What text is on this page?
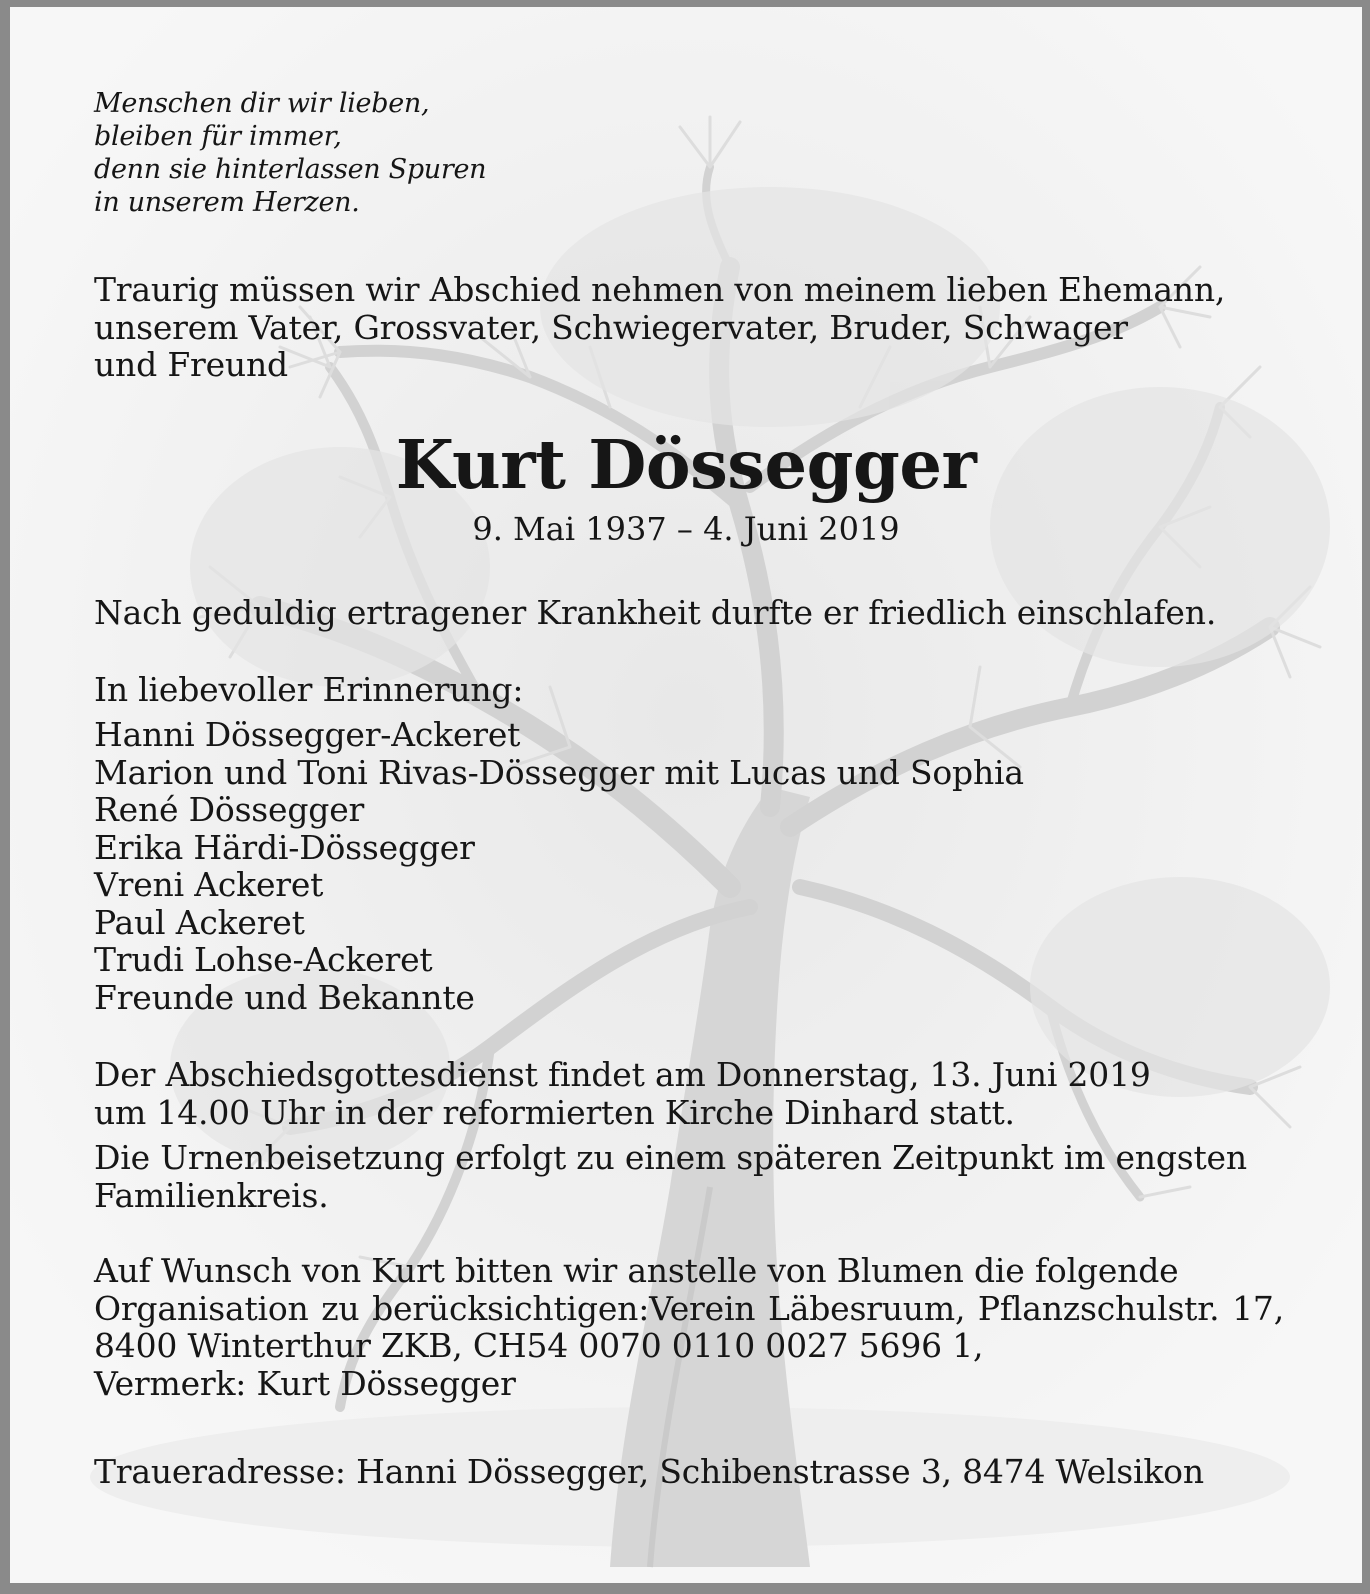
Menschen dir wir lieben,
bleiben für immer,
denn sie hinterlassen Spuren
in unserem Herzen.
Traurig müssen wir Abschied nehmen von meinem lieben Ehemann,
unserem Vater, Grossvater, Schwiegervater, Bruder, Schwager
und Freund
Kurt Dössegger
9. Mai 1937 – 4. Juni 2019
Nach geduldig ertragener Krankheit durfte er friedlich einschlafen.
In liebevoller Erinnerung:
Hanni Dössegger-Ackeret
Marion und Toni Rivas-Dössegger mit Lucas und Sophia
René Dössegger
Erika Härdi-Dössegger
Vreni Ackeret
Paul Ackeret
Trudi Lohse-Ackeret
Freunde und Bekannte
Der Abschiedsgottesdienst findet am Donnerstag, 13. Juni 2019
um 14.00 Uhr in der reformierten Kirche Dinhard statt.
Die Urnenbeisetzung erfolgt zu einem späteren Zeitpunkt im engsten
Familienkreis.
Auf Wunsch von Kurt bitten wir anstelle von Blumen die folgende
Organisation zu berücksichtigen:Verein Läbesruum, Pflanzschulstr. 17,
8400 Winterthur ZKB, CH54 0070 0110 0027 5696 1,
Vermerk: Kurt Dössegger
Traueradresse: Hanni Dössegger, Schibenstrasse 3, 8474 Welsikon
